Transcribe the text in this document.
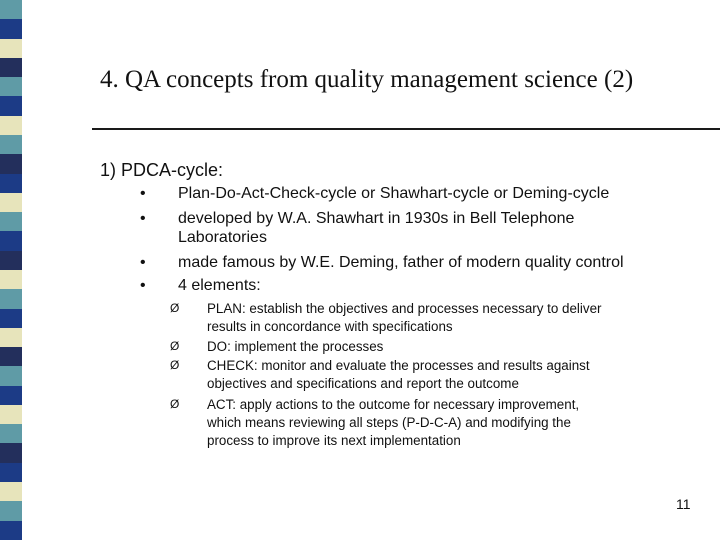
4. QA concepts from quality management science (2)
1) PDCA-cycle:
• Plan-Do-Act-Check-cycle or Shawhart-cycle or Deming-cycle
• developed by W.A. Shawhart in 1930s in Bell Telephone
Laboratories
• made famous by W.E. Deming, father of modern quality control
• 4 elements:
Ø PLAN: establish the objectives and processes necessary to deliver
results in concordance with specifications
Ø DO: implement the processes
Ø CHECK: monitor and evaluate the processes and results against
objectives and specifications and report the outcome
Ø ACT: apply actions to the outcome for necessary improvement,
which means reviewing all steps (P-D-C-A) and modifying the
process to improve its next implementation
11
